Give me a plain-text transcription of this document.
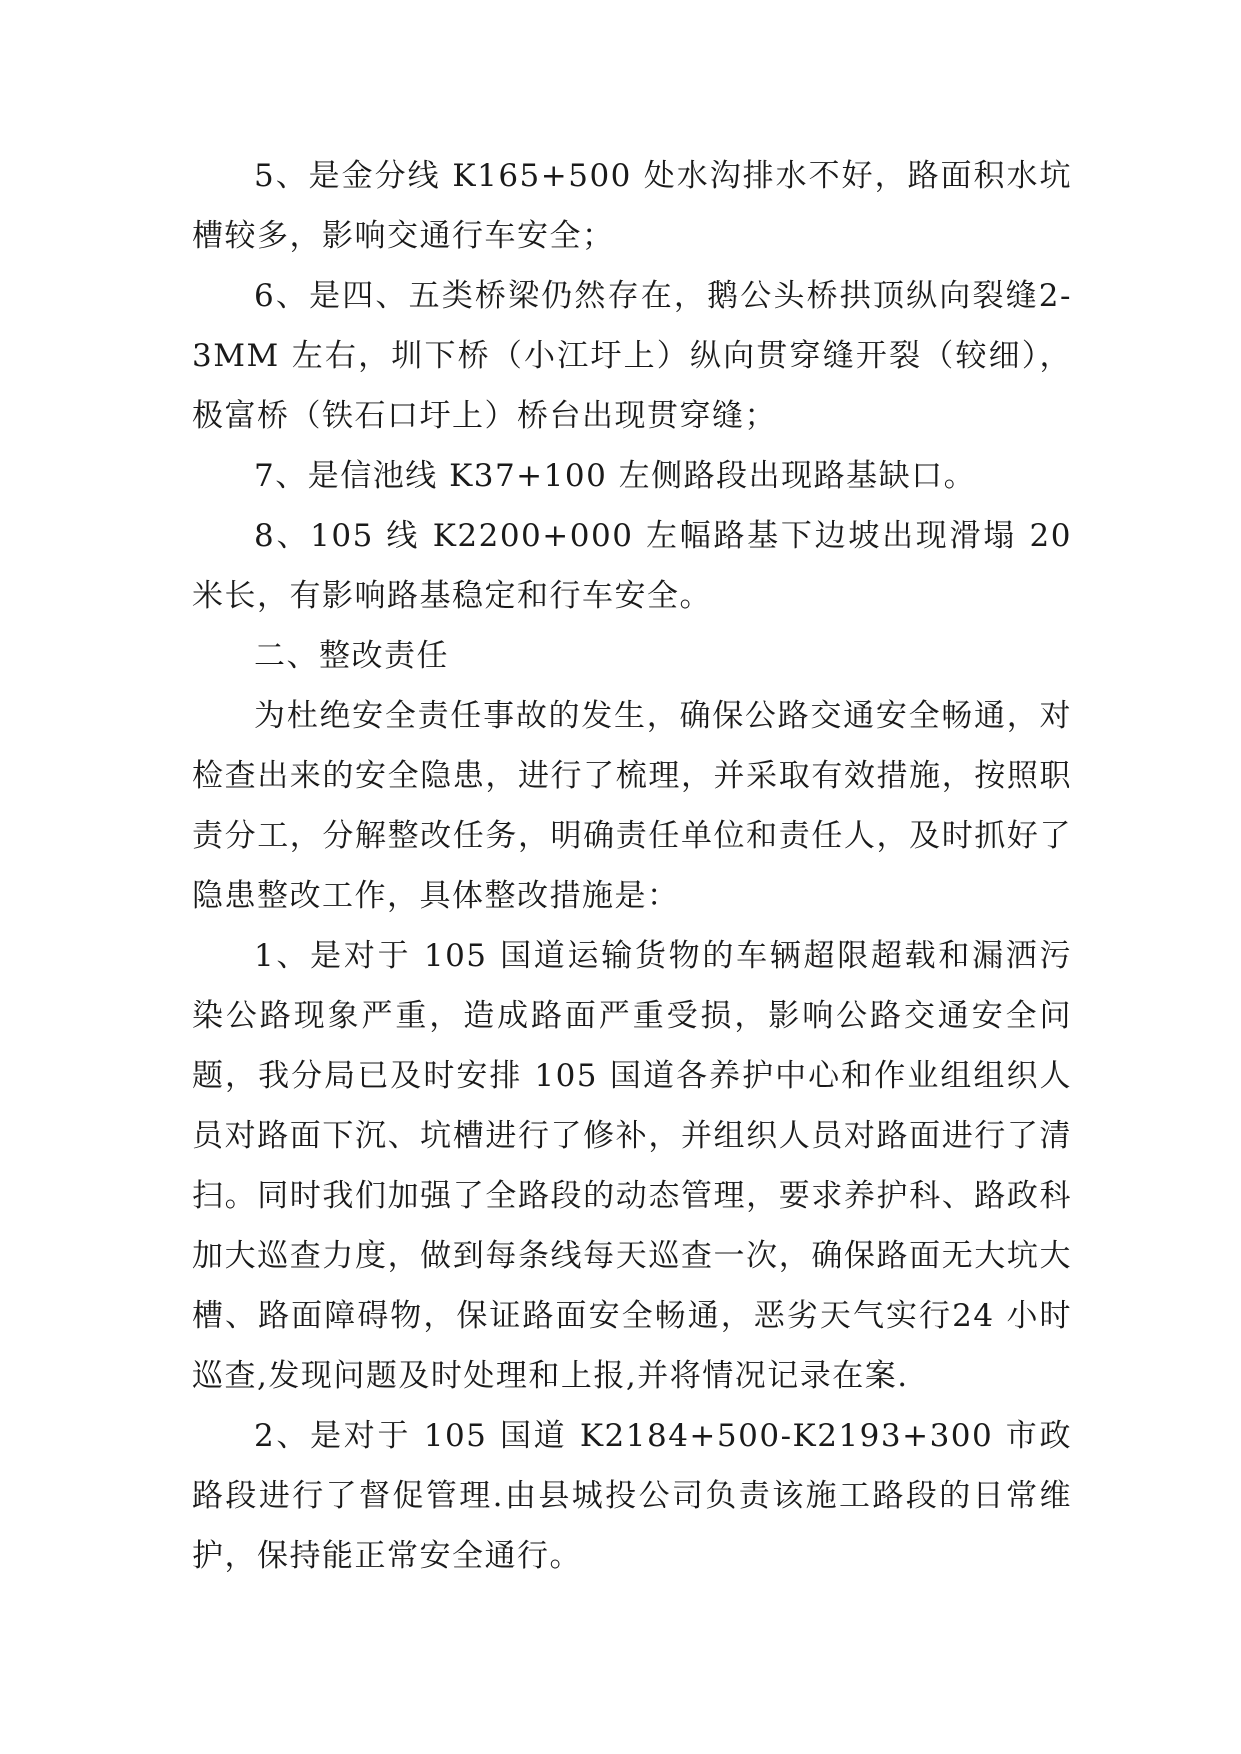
5、是金分线 K165+500 处水沟排水不好，路面积水坑槽较多，影响交通行车安全；

6、是四、五类桥梁仍然存在，鹅公头桥拱顶纵向裂缝2-3MM 左右，圳下桥（小江圩上）纵向贯穿缝开裂（较细），极富桥（铁石口圩上）桥台出现贯穿缝；

7、是信池线 K37+100 左侧路段出现路基缺口。

8、105 线 K2200+000 左幅路基下边坡出现滑塌 20 米长，有影响路基稳定和行车安全。

二、整改责任

为杜绝安全责任事故的发生，确保公路交通安全畅通，对检查出来的安全隐患，进行了梳理，并采取有效措施，按照职责分工，分解整改任务，明确责任单位和责任人，及时抓好了隐患整改工作，具体整改措施是：

1、是对于 105 国道运输货物的车辆超限超载和漏洒污染公路现象严重，造成路面严重受损，影响公路交通安全问题，我分局已及时安排 105 国道各养护中心和作业组组织人员对路面下沉、坑槽进行了修补，并组织人员对路面进行了清扫。同时我们加强了全路段的动态管理，要求养护科、路政科加大巡查力度，做到每条线每天巡查一次，确保路面无大坑大槽、路面障碍物，保证路面安全畅通，恶劣天气实行24 小时巡查,发现问题及时处理和上报,并将情况记录在案.

2、是对于 105 国道 K2184+500-K2193+300 市政路段进行了督促管理.由县城投公司负责该施工路段的日常维护，保持能正常安全通行。
